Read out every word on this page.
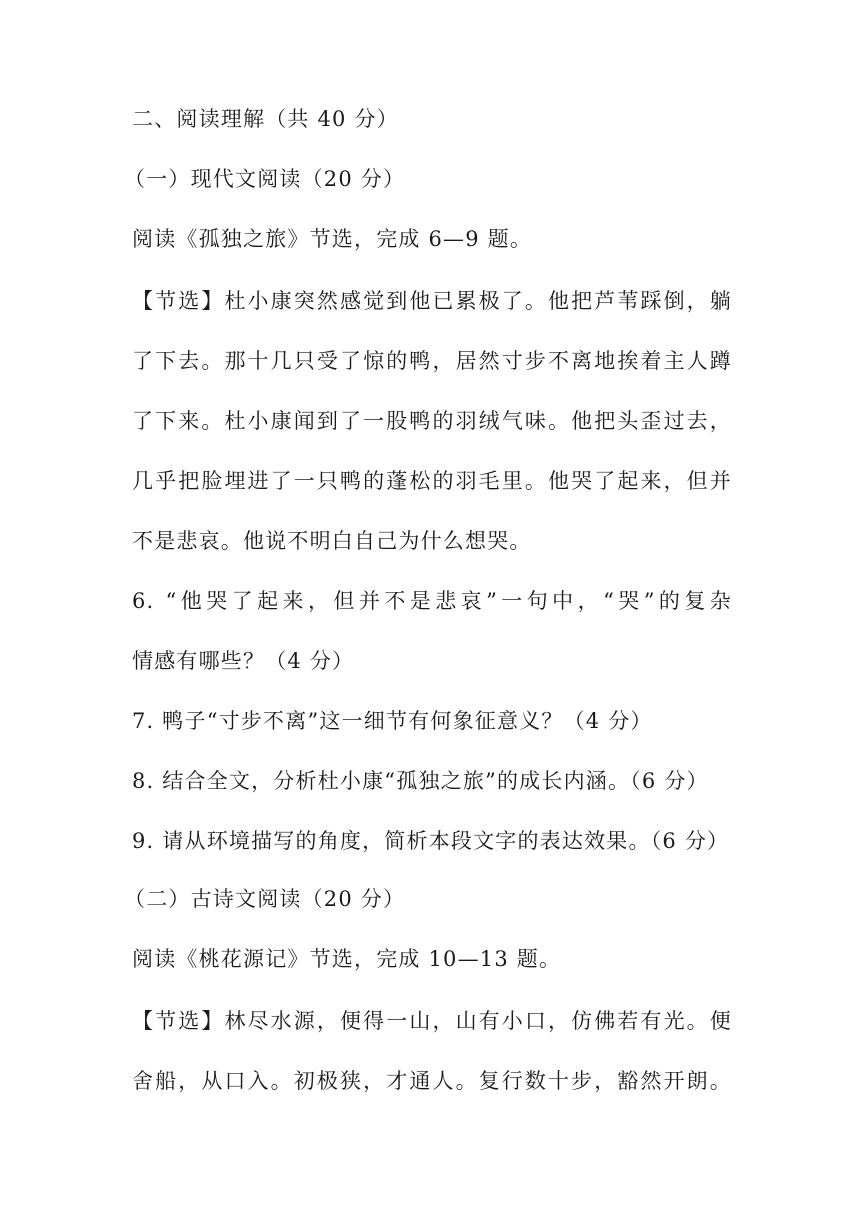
二、阅读理解（共 40 分）
（一）现代文阅读（20 分）
阅读《孤独之旅》节选，完成 6—9 题。
【节选】杜小康突然感觉到他已累极了。他把芦苇踩倒，躺
了下去。那十几只受了惊的鸭，居然寸步不离地挨着主人蹲
了下来。杜小康闻到了一股鸭的羽绒气味。他把头歪过去，
几乎把脸埋进了一只鸭的蓬松的羽毛里。他哭了起来，但并
不是悲哀。他说不明白自己为什么想哭。
6. “他哭了起来，但并不是悲哀”一句中，“哭”的复杂
情感有哪些？（4 分）
7. 鸭子“寸步不离”这一细节有何象征意义？（4 分）
8. 结合全文，分析杜小康“孤独之旅”的成长内涵。（6 分）
9. 请从环境描写的角度，简析本段文字的表达效果。（6 分）
（二）古诗文阅读（20 分）
阅读《桃花源记》节选，完成 10—13 题。
【节选】林尽水源，便得一山，山有小口，仿佛若有光。便
舍船，从口入。初极狭，才通人。复行数十步，豁然开朗。
